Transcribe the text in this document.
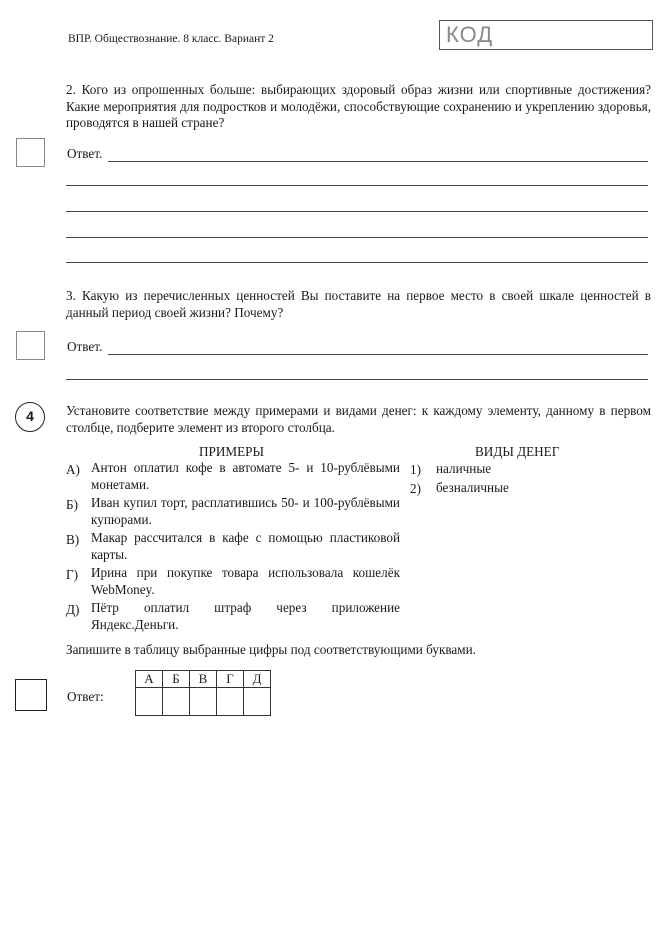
ВПР. Обществознание. 8 класс. Вариант 2	КОД
2. Кого из опрошенных больше: выбирающих здоровый образ жизни или спортивные достижения? Какие мероприятия для подростков и молодёжи, способствующие сохранению и укреплению здоровья, проводятся в нашей стране?
Ответ.
3. Какую из перечисленных ценностей Вы поставите на первое место в своей шкале ценностей в данный период своей жизни? Почему?
Ответ.
4	Установите соответствие между примерами и видами денег: к каждому элементу, данному в первом столбце, подберите элемент из второго столбца.
ПРИМЕРЫ	ВИДЫ ДЕНЕГ
А) Антон оплатил кофе в автомате 5- и 10-рублёвыми монетами.
Б) Иван купил торт, расплатившись 50- и 100-рублёвыми купюрами.
В) Макар рассчитался в кафе с помощью пластиковой карты.
Г) Ирина при покупке товара использовала кошелёк WebMoney.
Д) Пётр оплатил штраф через приложение Яндекс.Деньги.
1) наличные
2) безналичные
Запишите в таблицу выбранные цифры под соответствующими буквами.
Ответ:
А	Б	В	Г	Д
